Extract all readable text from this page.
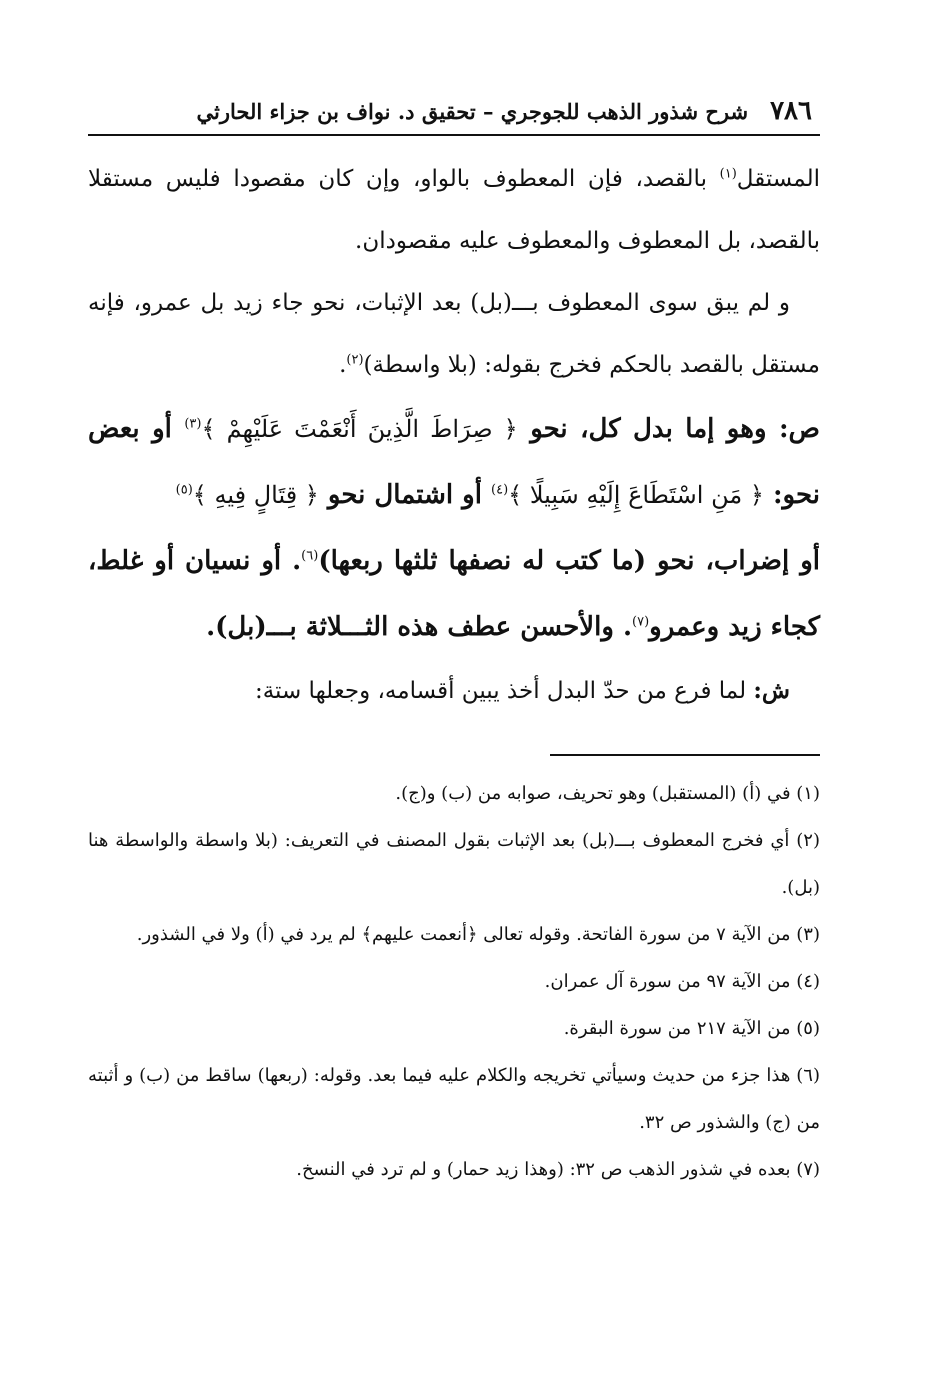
٧٨٦
شرح شذور الذهب للجوجري – تحقيق د. نواف بن جزاء الحارثي

المستقل$^{(١)}$ بالقصد، فإن المعطوف بالواو، وإن كان مقصودا فليس مستقلا بالقصد، بل المعطوف والمعطوف عليه مقصودان.

و لم يبق سوى المعطوف بـــ(بل) بعد الإثبات، نحو جاء زيد بل عمرو، فإنه مستقل بالقصد بالحكم فخرج بقوله: (بلا واسطة)$^{(٢)}$.

ص: وهو إما بدل كل، نحو ﴿ صِرَاطَ الَّذِينَ أَنْعَمْتَ عَلَيْهِمْ ﴾$^{(٣)}$ أو بعض نحو: ﴿ مَنِ اسْتَطَاعَ إِلَيْهِ سَبِيلًا ﴾$^{(٤)}$ أو اشتمال نحو ﴿ قِتَالٍ فِيهِ ﴾$^{(٥)}$

أو إضراب، نحو (ما كتب له نصفها ثلثها ربعها)$^{(٦)}$. أو نسيان أو غلط، كجاء زيد وعمرو$^{(٧)}$. والأحسن عطف هذه الثـــلاثة بـــ(بل).

ش: لما فرع من حدّ البدل أخذ يبين أقسامه، وجعلها ستة:

(١) في (أ) (المستقبل) وهو تحريف، صوابه من (ب) و(ج).

(٢) أي فخرج المعطوف بـــ(بل) بعد الإثبات بقول المصنف في التعريف: (بلا واسطة والواسطة هنا (بل).

(٣) من الآية ٧ من سورة الفاتحة. وقوله تعالى ﴿أنعمت عليهم﴾ لم يرد في (أ) ولا في الشذور.

(٤) من الآية ٩٧ من سورة آل عمران.

(٥) من الآية ٢١٧ من سورة البقرة.

(٦) هذا جزء من حديث وسيأتي تخريجه والكلام عليه فيما بعد. وقوله: (ربعها) ساقط من (ب) و أثبته من (ج) والشذور ص ٣٢.

(٧) بعده في شذور الذهب ص ٣٢: (وهذا زيد حمار) و لم ترد في النسخ.
